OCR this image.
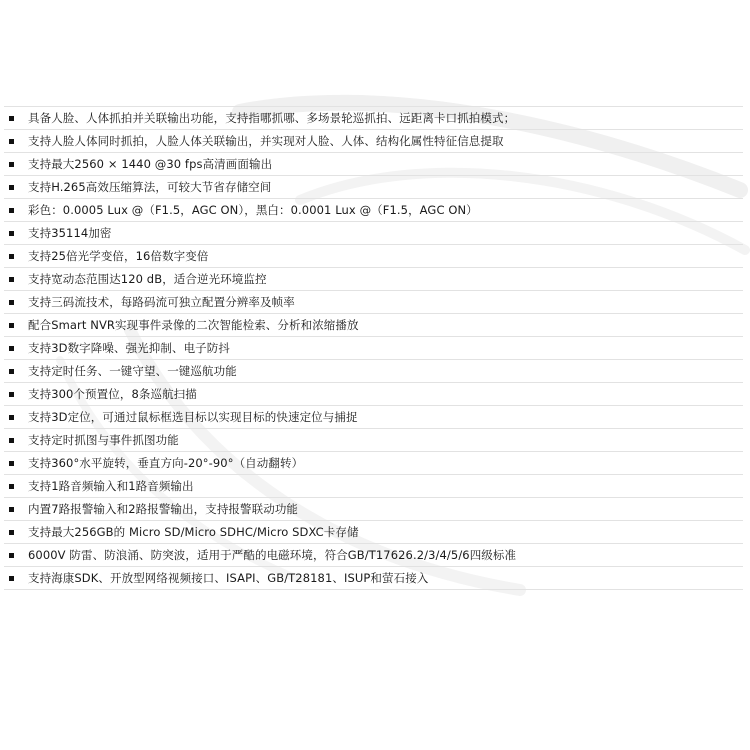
具备人脸、人体抓拍并关联输出功能，支持指哪抓哪、多场景轮巡抓拍、远距离卡口抓拍模式；
支持人脸人体同时抓拍，人脸人体关联输出，并实现对人脸、人体、结构化属性特征信息提取
支持最大2560 × 1440 @30 fps高清画面输出
支持H.265高效压缩算法，可较大节省存储空间
彩色：0.0005 Lux @（F1.5，AGC ON），黑白：0.0001 Lux @（F1.5，AGC ON）
支持35114加密
支持25倍光学变倍，16倍数字变倍
支持宽动态范围达120 dB，适合逆光环境监控
支持三码流技术，每路码流可独立配置分辨率及帧率
配合Smart NVR实现事件录像的二次智能检索、分析和浓缩播放
支持3D数字降噪、强光抑制、电子防抖
支持定时任务、一键守望、一键巡航功能
支持300个预置位，8条巡航扫描
支持3D定位，可通过鼠标框选目标以实现目标的快速定位与捕捉
支持定时抓图与事件抓图功能
支持360°水平旋转，垂直方向-20°-90°（自动翻转）
支持1路音频输入和1路音频输出
内置7路报警输入和2路报警输出，支持报警联动功能
支持最大256GB的 Micro SD/Micro SDHC/Micro SDXC卡存储
6000V 防雷、防浪涌、防突波，适用于严酷的电磁环境，符合GB/T17626.2/3/4/5/6四级标准
支持海康SDK、开放型网络视频接口、ISAPI、GB/T28181、ISUP和萤石接入
